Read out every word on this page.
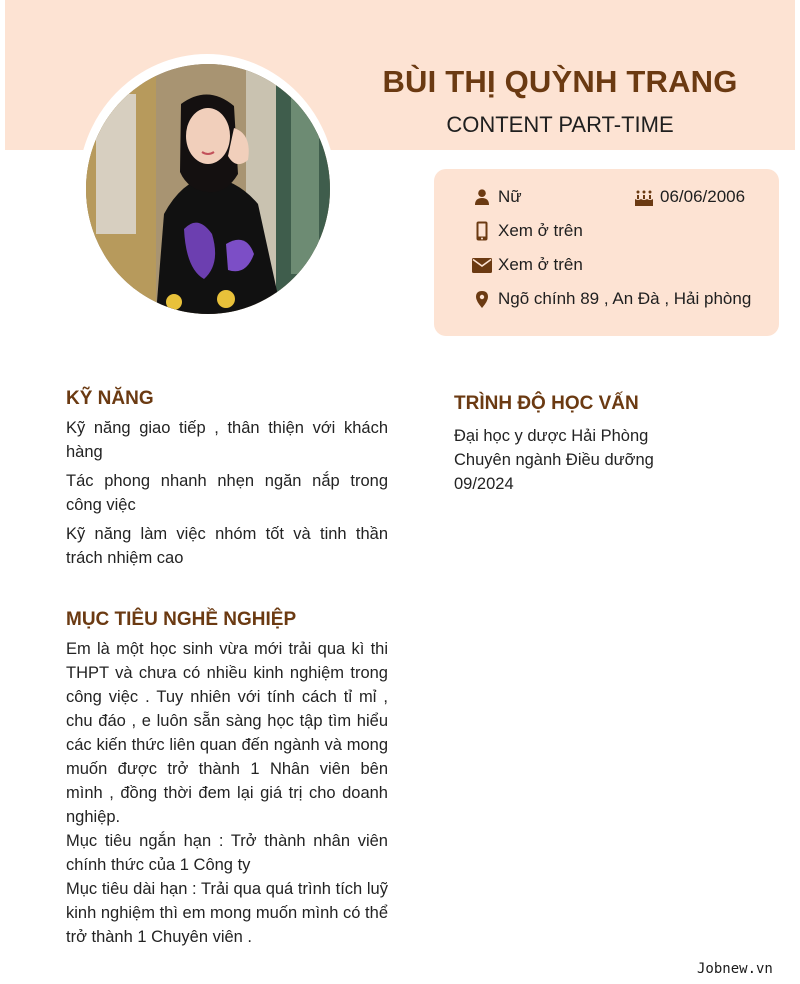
BÙI THỊ QUỲNH TRANG
CONTENT PART-TIME
Nữ	06/06/2006
Xem ở trên
Xem ở trên
Ngõ chính 89 , An Đà , Hải phòng
KỸ NĂNG

Kỹ năng giao tiếp , thân thiện với khách hàng

Tác phong nhanh nhẹn ngăn nắp trong công việc

Kỹ năng làm việc nhóm tốt và tinh thần trách nhiệm cao

MỤC TIÊU NGHỀ NGHIỆP

Em là một học sinh vừa mới trải qua kì thi THPT và chưa có nhiều kinh nghiệm trong công việc . Tuy nhiên với tính cách tỉ mỉ , chu đáo , e luôn sẵn sàng học tập tìm hiểu các kiến thức liên quan đến ngành và mong muốn được trở thành 1 Nhân viên bên mình , đồng thời đem lại giá trị cho doanh nghiệp.

Mục tiêu ngắn hạn : Trở thành nhân viên chính thức của 1 Công ty

Mục tiêu dài hạn : Trải qua quá trình tích luỹ kinh nghiệm thì em mong muốn mình có thể trở thành 1 Chuyên viên .

TRÌNH ĐỘ HỌC VẤN
Đại học y dược Hải Phòng
Chuyên ngành Điều dưỡng
09/2024
Jobnew.vn
